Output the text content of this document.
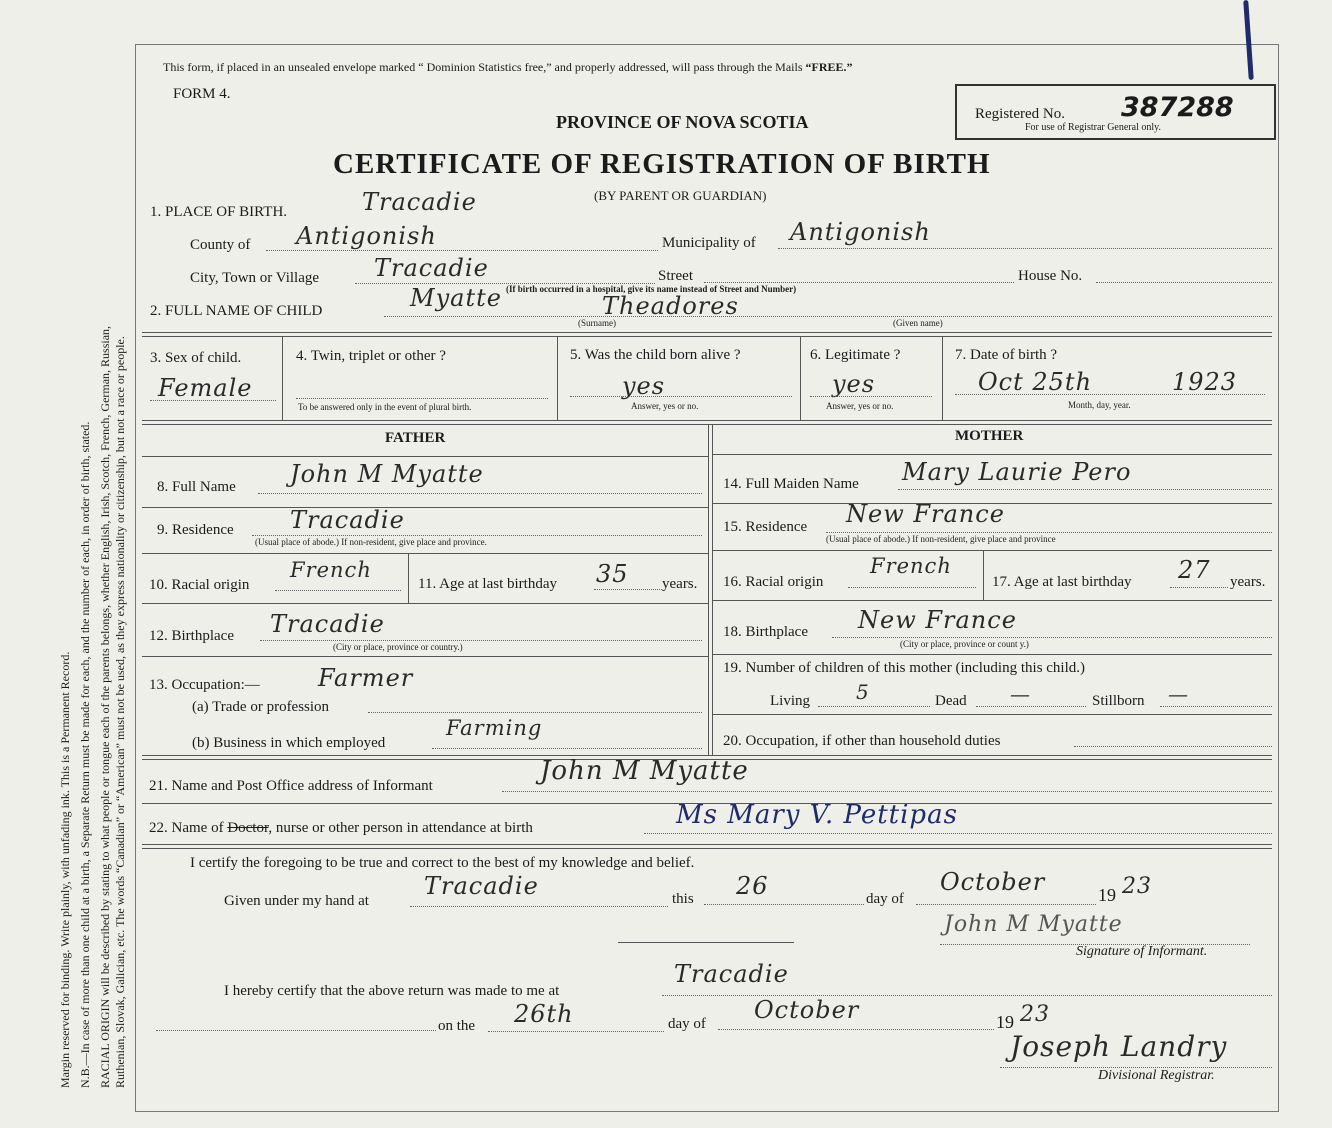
Margin reserved for binding. Write plainly, with unfading ink. This is a Permanent Record. N.B.—In case of more than one child at a birth, a Separate Return must be made for each, and the number of each, in order of birth, stated. RACIAL ORIGIN will be described by stating to what people or tongue each of the parents belongs, whether English, Irish, Scotch, French, German, Russian, Ruthenian, Slovak, Galician, etc. The words “Canadian” or “American” must not be used, as they express nationality or citizenship, but not a race or people.
This form, if placed in an unsealed envelope marked “ Dominion Statistics free,” and properly addressed, will pass through the Mails “FREE.”
FORM 4.
PROVINCE OF NOVA SCOTIA
CERTIFICATE OF REGISTRATION OF BIRTH
(BY PARENT OR GUARDIAN)
Registered No. 387288
For use of Registrar General only.
1. PLACE OF BIRTH.	Tracadie
County of Antigonish	Municipality of Antigonish
City, Town or Village Tracadie	Street	House No.
(If birth occurred in a hospital, give its name instead of Street and Number)
2. FULL NAME OF CHILD	Myatte	Theadores
(Surname)	(Given name)
3. Sex of child.
Female
4. Twin, triplet or other ?
To be answered only in the event of plural birth.
5. Was the child born alive ?
yes
Answer, yes or no.
6. Legitimate ?
yes
Answer, yes or no.
7. Date of birth ?
Oct 25th	1923
Month, day, year.
FATHER
8. Full Name John M Myatte
9. Residence Tracadie
(Usual place of abode.) If non-resident, give place and province.
10. Racial origin
French
11. Age at last birthday 35 years.
12. Birthplace Tracadie
(City or place, province or country.)
13. Occupation:— Farmer
(a) Trade or profession
(b) Business in which employed
Farming
MOTHER
14. Full Maiden Name Mary Laurie Pero
15. Residence New France
(Usual place of abode.) If non-resident, give place and province
16. Racial origin
French
17. Age at last birthday 27 years.
18. Birthplace New France
(City or place, province or count y.)
19. Number of children of this mother (including this child.)
Living 5	Dead —	Stillborn —
20. Occupation, if other than household duties
21. Name and Post Office address of Informant	John M Myatte
22. Name of Doctor, nurse or other person in attendance at birth	Ms Mary V. Pettipas
I certify the foregoing to be true and correct to the best of my knowledge and belief.
Given under my hand at
Tracadie	this 26	day of
October	19 23
John M Myatte
Signature of Informant.
I hereby certify that the above return was made to me at
Tracadie
on the 26th	day of October	19 23
Joseph Landry
Divisional Registrar.
